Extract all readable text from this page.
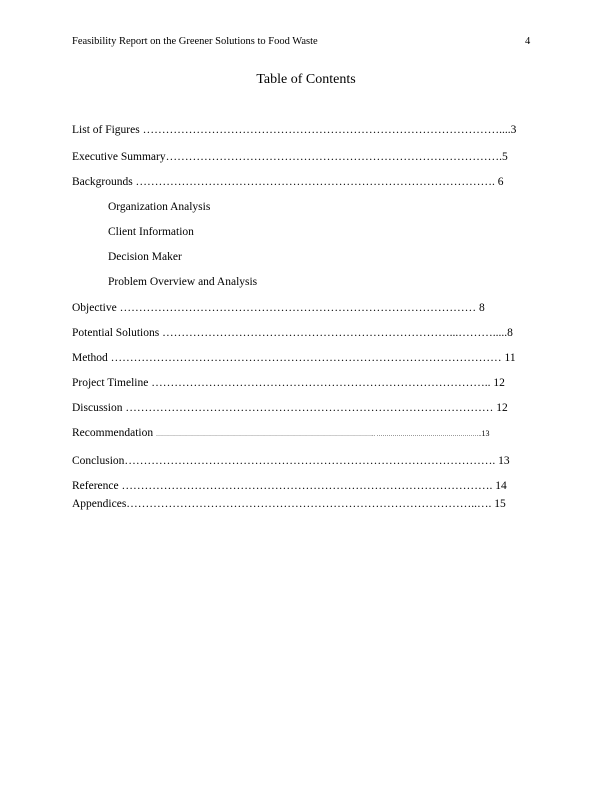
Feasibility Report on the Greener Solutions to Food Waste	4
Table of Contents
List of Figures …………………………………………………………………………………....3
Executive Summary…………………………………………………………………………….5
Backgrounds …………………………………………………………………………………. 6
Organization Analysis
Client Information
Decision Maker
Problem Overview and Analysis
Objective ………………………………………………………………………………… 8
Potential Solutions …………………………………………………………………...……….....8
Method ………………………………………………………………………………………… 11
Project Timeline …………………………………………………………………………….. 12
Discussion …………………………………………………………………………………… 12
Recommendation ……………………………………………………………………………………………….. ……………………………………………..13
Conclusion……………………………………………………………………………………. 13
Reference ……………………………………………………………………………………. 14
Appendices………………………………………………………………………………..…. 15
